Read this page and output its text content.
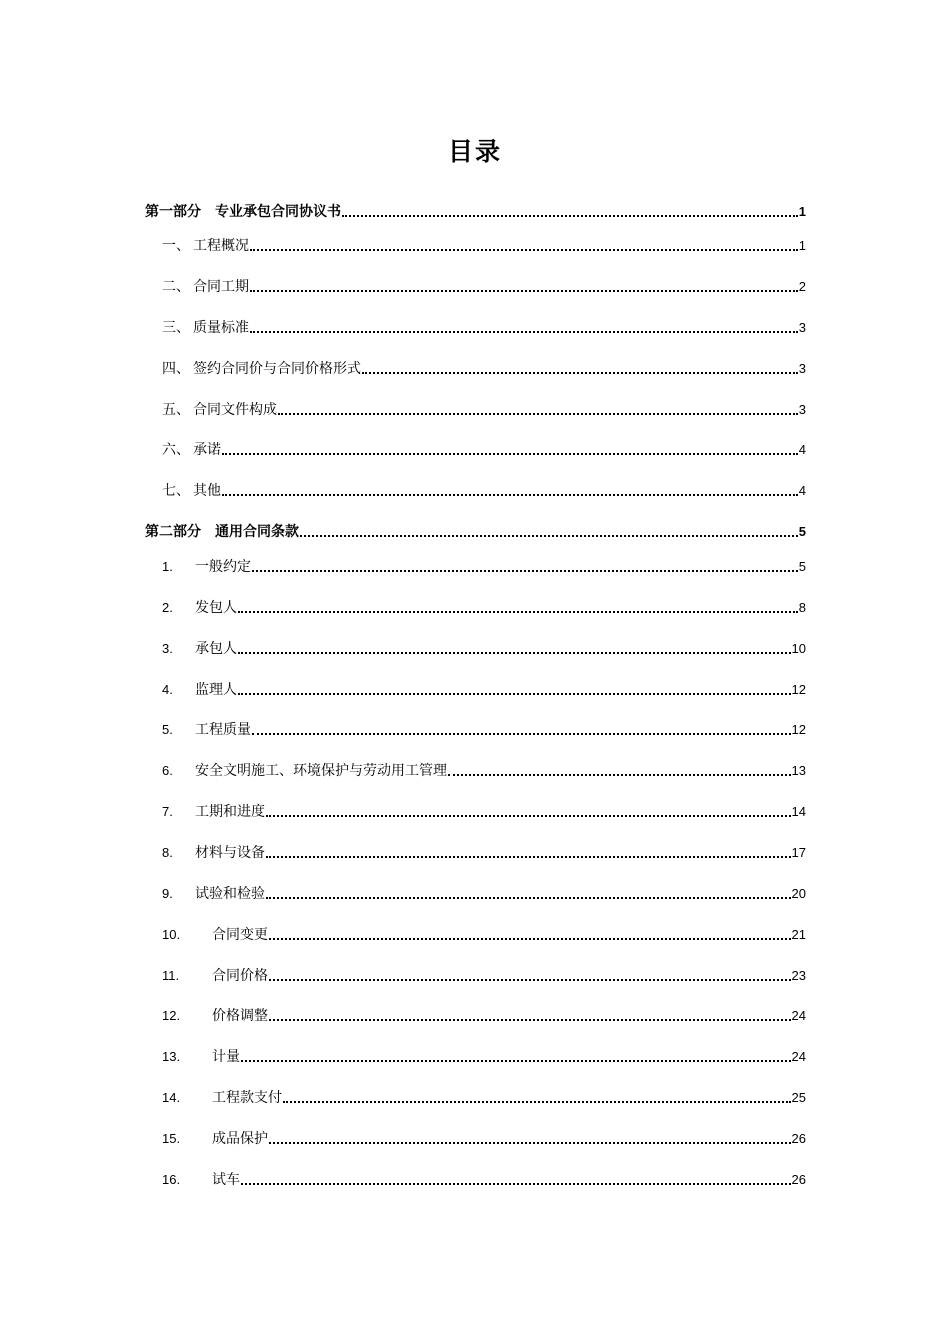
目录
第一部分　专业承包合同协议书	1
一、 工程概况	1
二、 合同工期	2
三、 质量标准	3
四、 签约合同价与合同价格形式	3
五、 合同文件构成	3
六、 承诺	4
七、 其他	4
第二部分　通用合同条款	5
1.	一般约定	5
2.	发包人	8
3.	承包人	10
4.	监理人	12
5.	工程质量	12
6.	安全文明施工、环境保护与劳动用工管理	13
7.	工期和进度	14
8.	材料与设备	17
9.	试验和检验	20
10.	合同变更	21
11.	合同价格	23
12.	价格调整	24
13.	计量	24
14.	工程款支付	25
15.	成品保护	26
16.	试车	26
